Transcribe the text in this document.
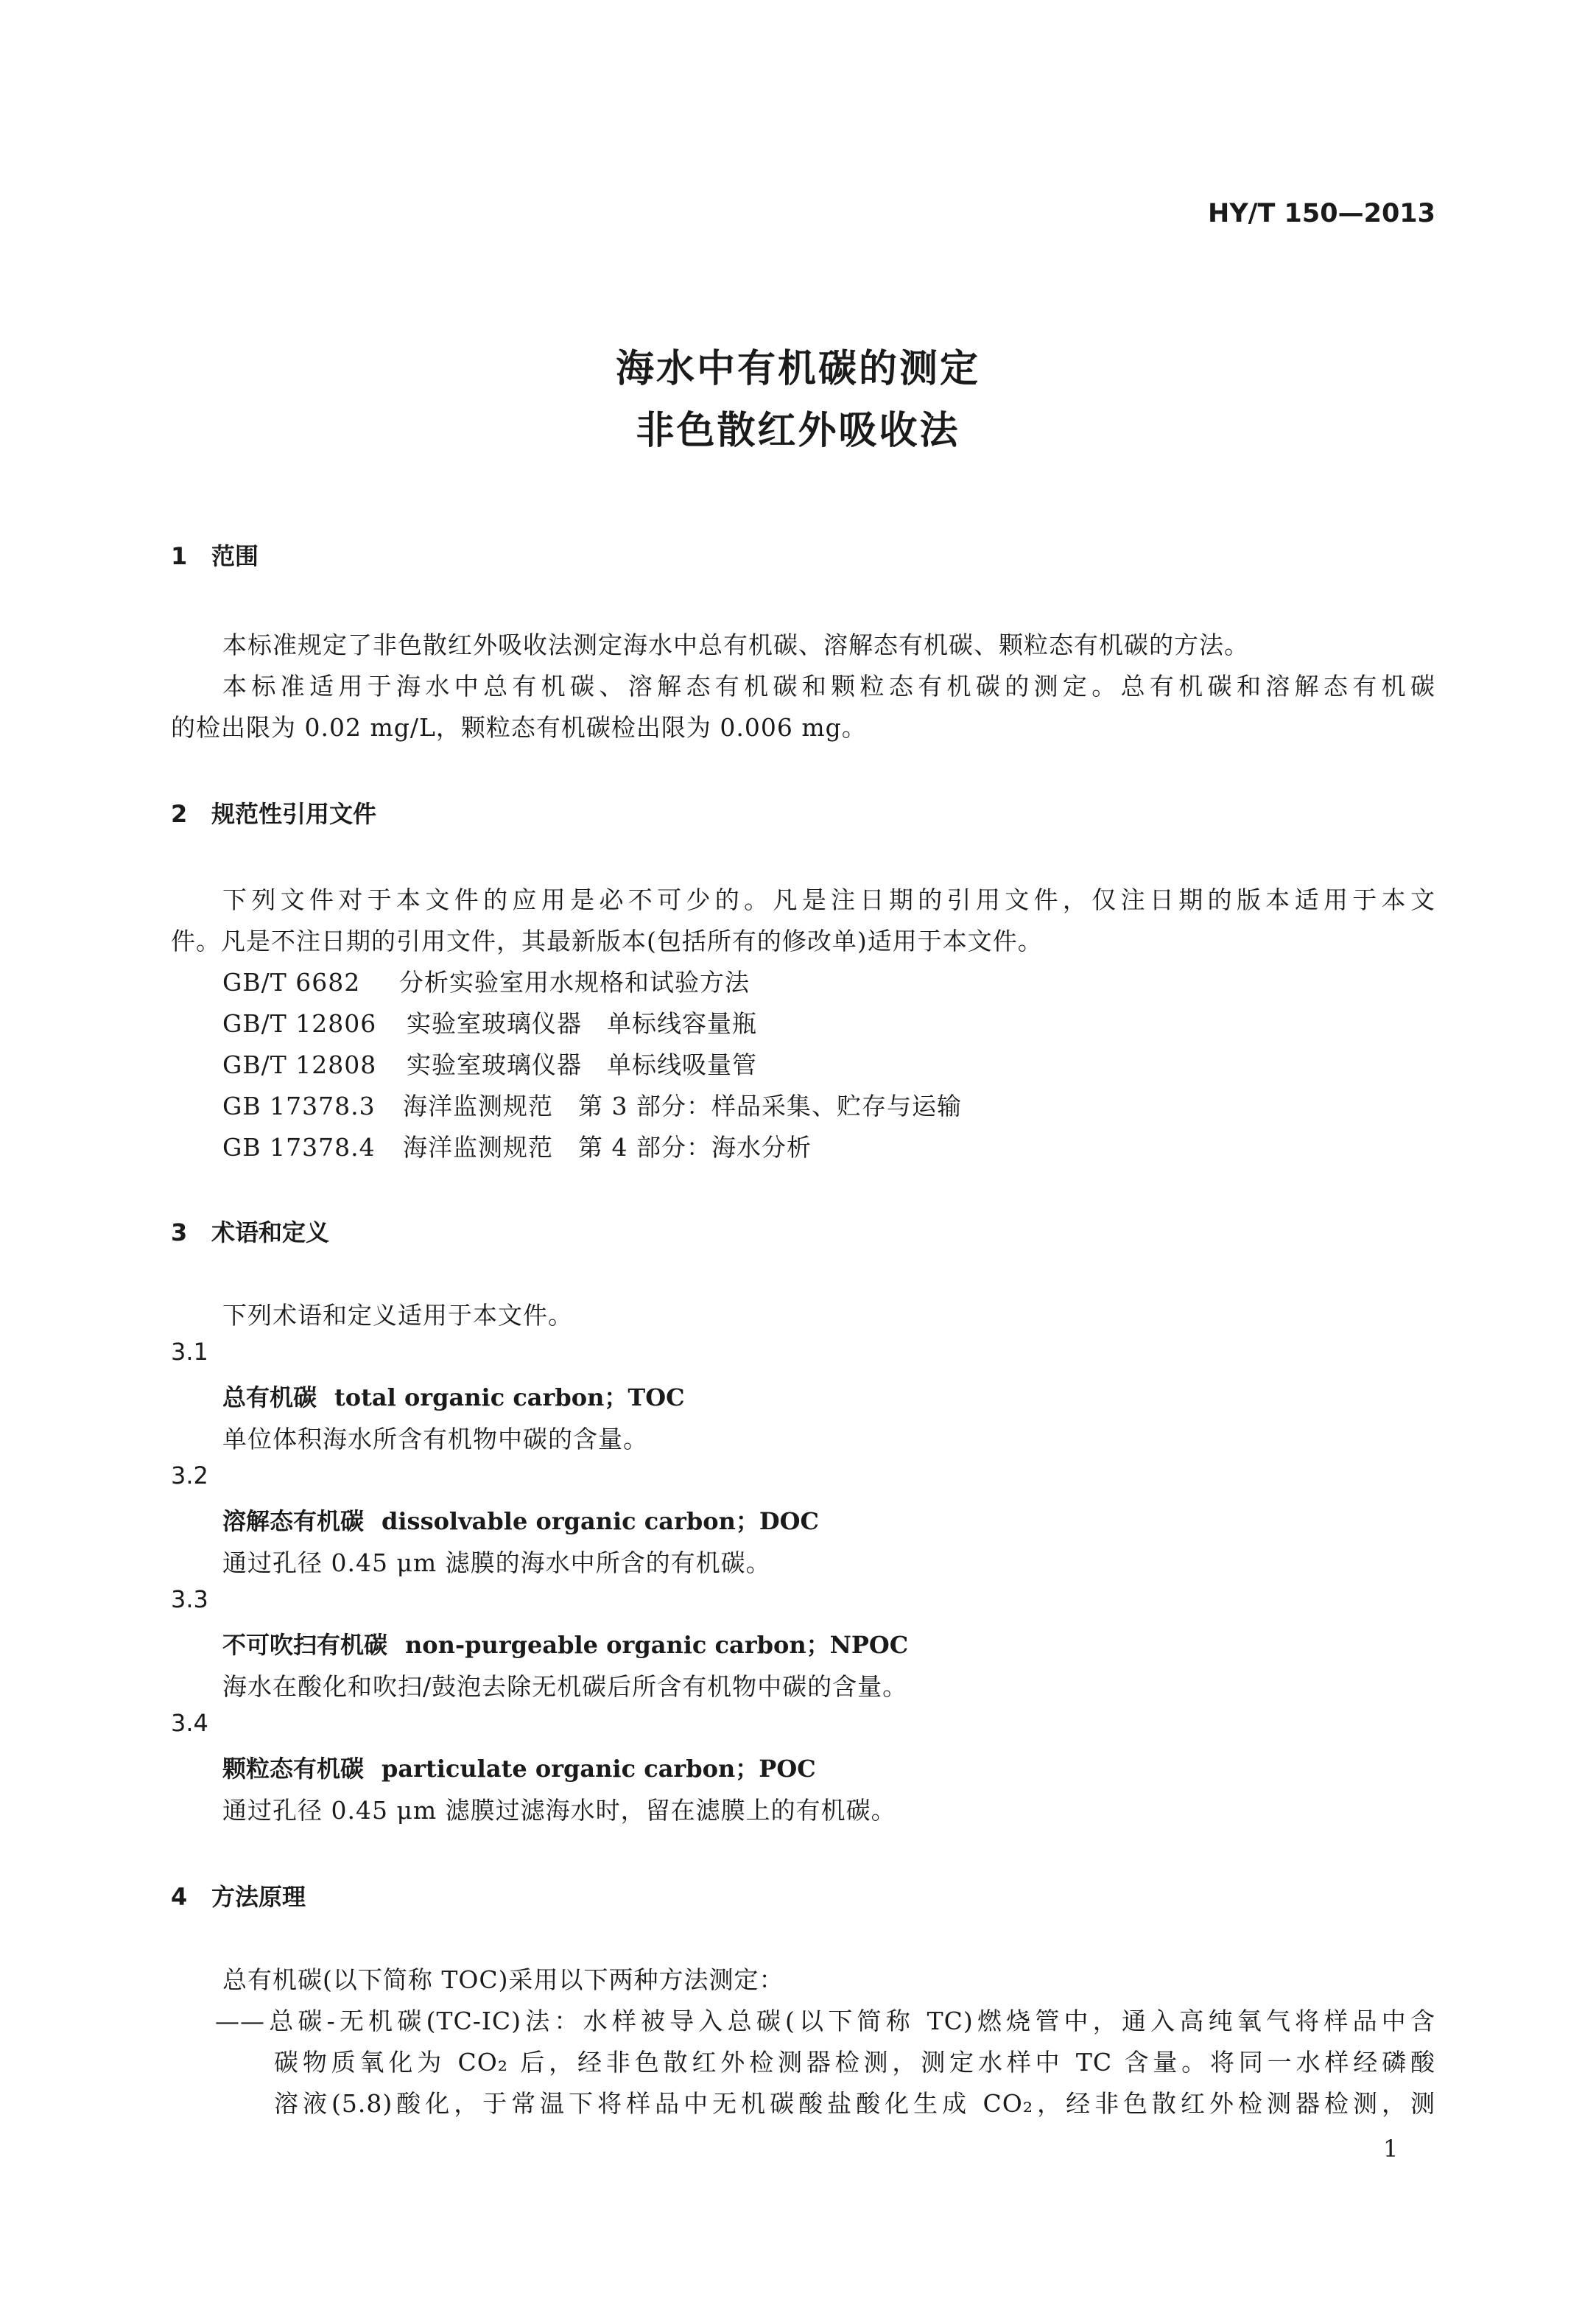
HY/T 150—2013
海水中有机碳的测定
非色散红外吸收法
1 范围
本标准规定了非色散红外吸收法测定海水中总有机碳、溶解态有机碳、颗粒态有机碳的方法。
本标准适用于海水中总有机碳、溶解态有机碳和颗粒态有机碳的测定。总有机碳和溶解态有机碳
的检出限为 0.02 mg/L，颗粒态有机碳检出限为 0.006 mg。
2 规范性引用文件
下列文件对于本文件的应用是必不可少的。凡是注日期的引用文件，仅注日期的版本适用于本文
件。凡是不注日期的引用文件，其最新版本(包括所有的修改单)适用于本文件。
GB/T 6682 分析实验室用水规格和试验方法
GB/T 12806 实验室玻璃仪器　单标线容量瓶
GB/T 12808 实验室玻璃仪器　单标线吸量管
GB 17378.3 海洋监测规范　第 3 部分：样品采集、贮存与运输
GB 17378.4 海洋监测规范　第 4 部分：海水分析
3 术语和定义
下列术语和定义适用于本文件。
3.1
总有机碳 total organic carbon；TOC
单位体积海水所含有机物中碳的含量。
3.2
溶解态有机碳 dissolvable organic carbon；DOC
通过孔径 0.45 μm 滤膜的海水中所含的有机碳。
3.3
不可吹扫有机碳 non-purgeable organic carbon；NPOC
海水在酸化和吹扫/鼓泡去除无机碳后所含有机物中碳的含量。
3.4
颗粒态有机碳 particulate organic carbon；POC
通过孔径 0.45 μm 滤膜过滤海水时，留在滤膜上的有机碳。
4 方法原理
总有机碳(以下简称 TOC)采用以下两种方法测定：
——总碳-无机碳(TC-IC)法：水样被导入总碳(以下简称 TC)燃烧管中，通入高纯氧气将样品中含
碳物质氧化为 CO₂ 后，经非色散红外检测器检测，测定水样中 TC 含量。将同一水样经磷酸
溶液(5.8)酸化，于常温下将样品中无机碳酸盐酸化生成 CO₂，经非色散红外检测器检测，测
1
